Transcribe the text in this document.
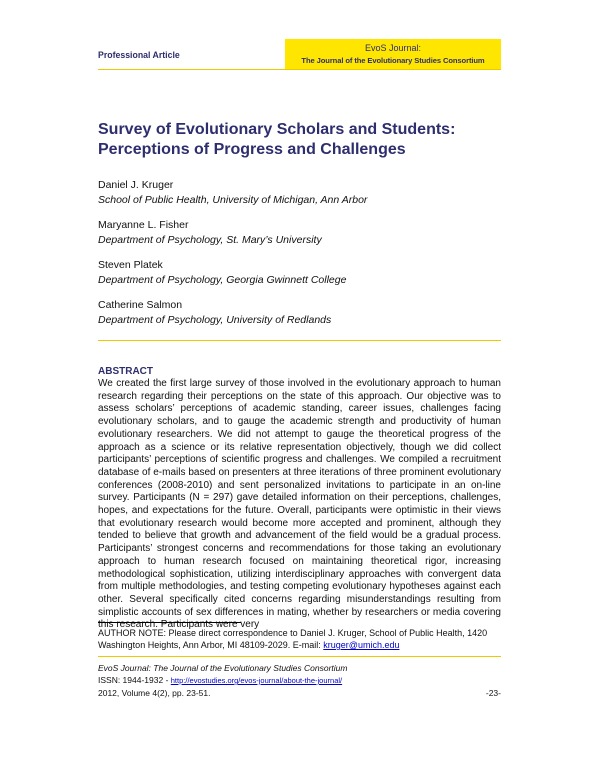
Professional Article
EvoS Journal:
The Journal of the Evolutionary Studies Consortium
Survey of Evolutionary Scholars and Students: Perceptions of Progress and Challenges
Daniel J. Kruger
School of Public Health, University of Michigan, Ann Arbor
Maryanne L. Fisher
Department of Psychology, St. Mary’s University
Steven Platek
Department of Psychology, Georgia Gwinnett College
Catherine Salmon
Department of Psychology, University of Redlands
ABSTRACT

We created the first large survey of those involved in the evolutionary approach to human research regarding their perceptions on the state of this approach. Our objective was to assess scholars’ perceptions of academic standing, career issues, challenges facing evolutionary scholars, and to gauge the academic strength and productivity of human evolutionary researchers. We did not attempt to gauge the theoretical progress of the approach as a science or its relative representation objectively, though we did collect participants’ perceptions of scientific progress and challenges. We compiled a recruitment database of e-mails based on presenters at three iterations of three prominent evolutionary conferences (2008-2010) and sent personalized invitations to participate in an on-line survey. Participants (N = 297) gave detailed information on their perceptions, challenges, hopes, and expectations for the future. Overall, participants were optimistic in their views that evolutionary research would become more accepted and prominent, although they tended to believe that growth and advancement of the field would be a gradual process. Participants’ strongest concerns and recommendations for those taking an evolutionary approach to human research focused on maintaining theoretical rigor, increasing methodological sophistication, utilizing interdisciplinary approaches with convergent data from multiple methodologies, and testing competing evolutionary hypotheses against each other. Several specifically cited concerns regarding misunderstandings resulting from simplistic accounts of sex differences in mating, whether by researchers or media covering this research. Participants were very

AUTHOR NOTE: Please direct correspondence to Daniel J. Kruger, School of Public Health, 1420 Washington Heights, Ann Arbor, MI 48109-2029. E-mail: kruger@umich.edu
EvoS Journal: The Journal of the Evolutionary Studies Consortium
ISSN: 1944-1932 - http://evostudies.org/evos-journal/about-the-journal/
2012, Volume 4(2), pp. 23-51.	-23-
